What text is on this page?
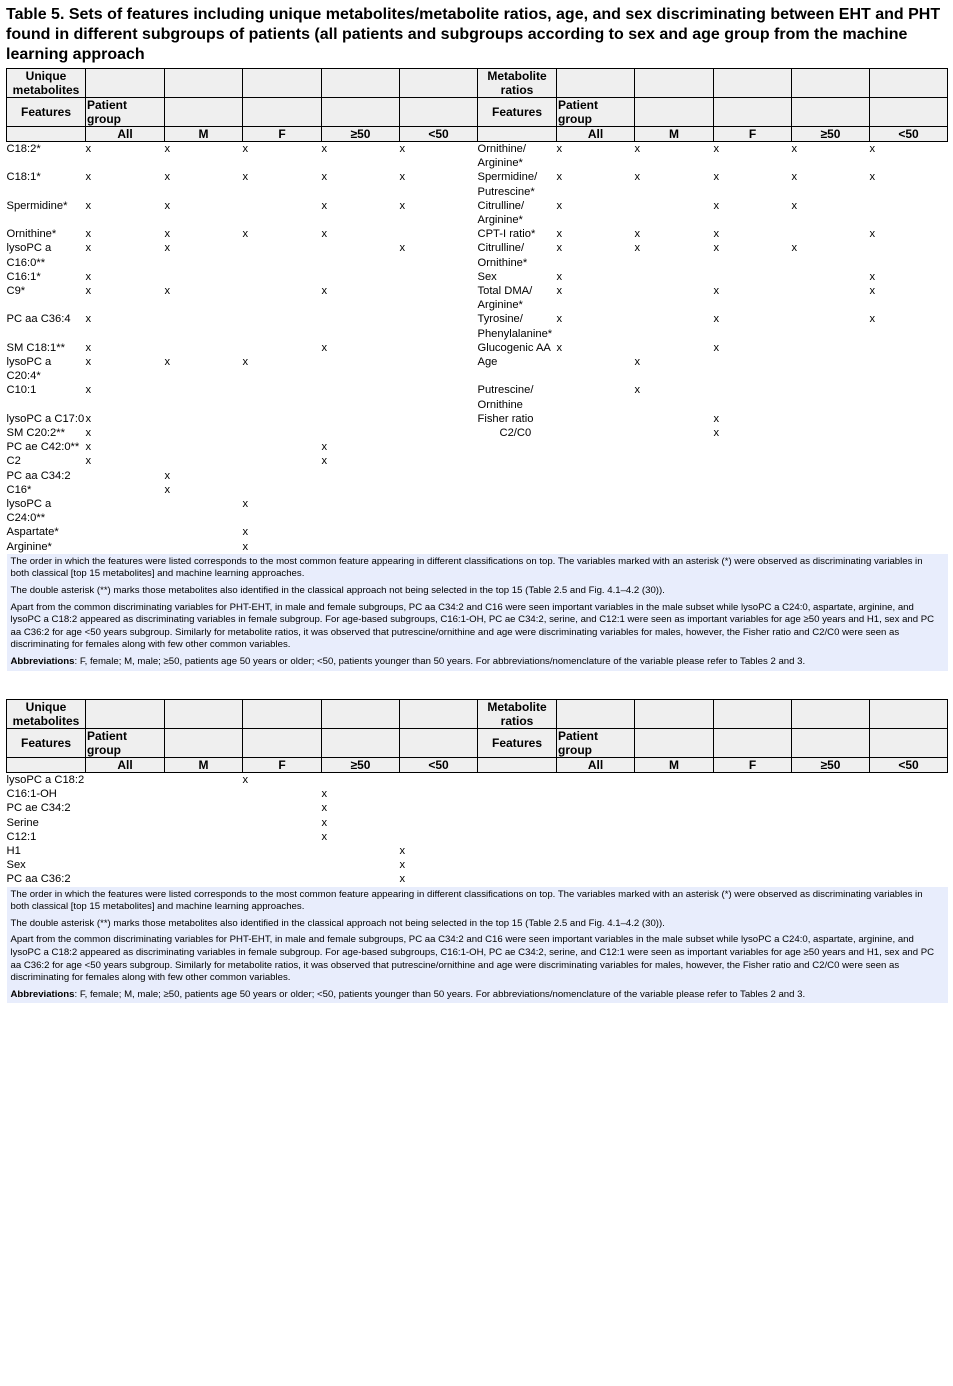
Table 5. Sets of features including unique metabolites/metabolite ratios, age, and sex discriminating between EHT and PHT found in different subgroups of patients (all patients and subgroups according to sex and age group from the machine learning approach
Unique metabolites						Metabolite ratios					
Features	Patient group					Features	Patient group				
	All	M	F	≥50	<50		All	M	F	≥50	<50
C18:2*	x	x	x	x	x	Ornithine/ Arginine*	x	x	x	x	x
C18:1*	x	x	x	x	x	Spermidine/ Putrescine*	x	x	x	x	x
Spermidine*	x	x		x	x	Citrulline/ Arginine*	x		x	x	
Ornithine*	x	x	x	x		CPT-I ratio*	x	x	x		x
lysoPC a C16:0**	x	x			x	Citrulline/ Ornithine*	x	x	x	x	
C16:1*	x					Sex	x				x
C9*	x	x		x		Total DMA/ Arginine*	x		x		x
PC aa C36:4	x					Tyrosine/ Phenylalanine*	x		x		x
SM C18:1**	x			x		Glucogenic AA	x		x		
lysoPC a C20:4*	x	x	x			Age		x			
C10:1	x					Putrescine/ Ornithine		x			
lysoPC a C17:0	x					Fisher ratio			x		
SM C20:2**	x					C2/C0			x		
PC ae C42:0**	x			x							
C2	x			x							
PC aa C34:2		x									
C16*		x									
lysoPC a C24:0**			x								
Aspartate*			x								
Arginine*			x								
The order in which the features were listed corresponds to the most common feature appearing in different classifications on top. The variables marked with an asterisk (*) were observed as discriminating variables in both classical [top 15 metabolites] and machine learning approaches.											
The double asterisk (**) marks those metabolites also identified in the classical approach not being selected in the top 15 (Table 2.5 and Fig. 4.1–4.2 (30)).											
Apart from the common discriminating variables for PHT-EHT, in male and female subgroups, PC aa C34:2 and C16 were seen important variables in the male subset while lysoPC a C24:0, aspartate, arginine, and lysoPC a C18:2 appeared as discriminating variables in female subgroup. For age-based subgroups, C16:1-OH, PC ae C34:2, serine, and C12:1 were seen as important variables for age ≥50 years and H1, sex and PC aa C36:2 for age <50 years subgroup. Similarly for metabolite ratios, it was observed that putrescine/ornithine and age were discriminating variables for males, however, the Fisher ratio and C2/C0 were seen as discriminating for females along with few other common variables.											
Abbreviations: F, female; M, male; ≥50, patients age 50 years or older; <50, patients younger than 50 years. For abbreviations/nomenclature of the variable please refer to Tables 2 and 3.											
Unique metabolites						Metabolite ratios					
Features	Patient group					Features	Patient group				
	All	M	F	≥50	<50		All	M	F	≥50	<50
lysoPC a C18:2			x								
C16:1-OH				x							
PC ae C34:2				x							
Serine				x							
C12:1				x							
H1					x						
Sex					x						
PC aa C36:2					x						
The order in which the features were listed corresponds to the most common feature appearing in different classifications on top. The variables marked with an asterisk (*) were observed as discriminating variables in both classical [top 15 metabolites] and machine learning approaches.											
The double asterisk (**) marks those metabolites also identified in the classical approach not being selected in the top 15 (Table 2.5 and Fig. 4.1–4.2 (30)).											
Apart from the common discriminating variables for PHT-EHT, in male and female subgroups, PC aa C34:2 and C16 were seen important variables in the male subset while lysoPC a C24:0, aspartate, arginine, and lysoPC a C18:2 appeared as discriminating variables in female subgroup. For age-based subgroups, C16:1-OH, PC ae C34:2, serine, and C12:1 were seen as important variables for age ≥50 years and H1, sex and PC aa C36:2 for age <50 years subgroup. Similarly for metabolite ratios, it was observed that putrescine/ornithine and age were discriminating variables for males, however, the Fisher ratio and C2/C0 were seen as discriminating for females along with few other common variables.											
Abbreviations: F, female; M, male; ≥50, patients age 50 years or older; <50, patients younger than 50 years. For abbreviations/nomenclature of the variable please refer to Tables 2 and 3.											
